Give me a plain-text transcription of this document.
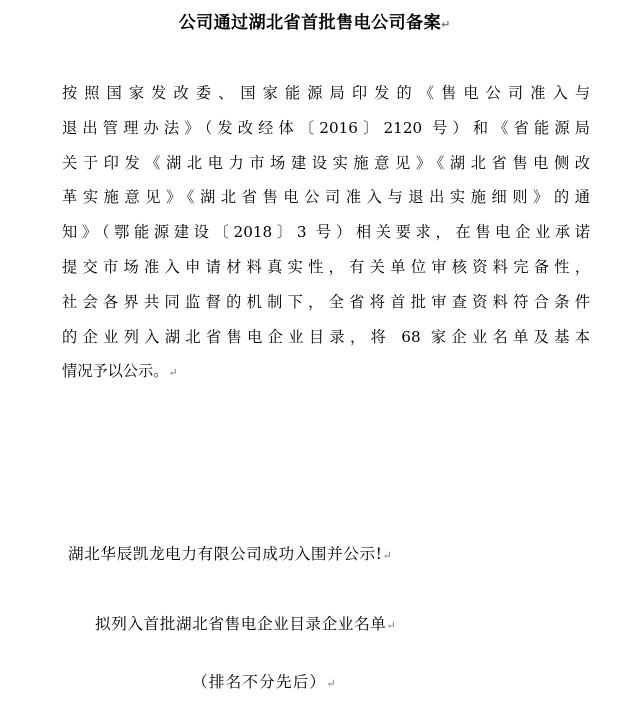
公司通过湖北省首批售电公司备案↵
按照国家发改委、国家能源局印发的《售电公司准入与
退出管理办法》（发改经体〔2016〕2120 号）和《省能源局
关于印发《湖北电力市场建设实施意见》《湖北省售电侧改
革实施意见》《湖北省售电公司准入与退出实施细则》的通
知》（鄂能源建设〔2018〕3 号）相关要求，在售电企业承诺
提交市场准入申请材料真实性，有关单位审核资料完备性，
社会各界共同监督的机制下，全省将首批审查资料符合条件
的企业列入湖北省售电企业目录，将 68 家企业名单及基本
情况予以公示。↵
湖北华辰凯龙电力有限公司成功入围并公示!↵
拟列入首批湖北省售电企业目录企业名单↵
（排名不分先后）↵
